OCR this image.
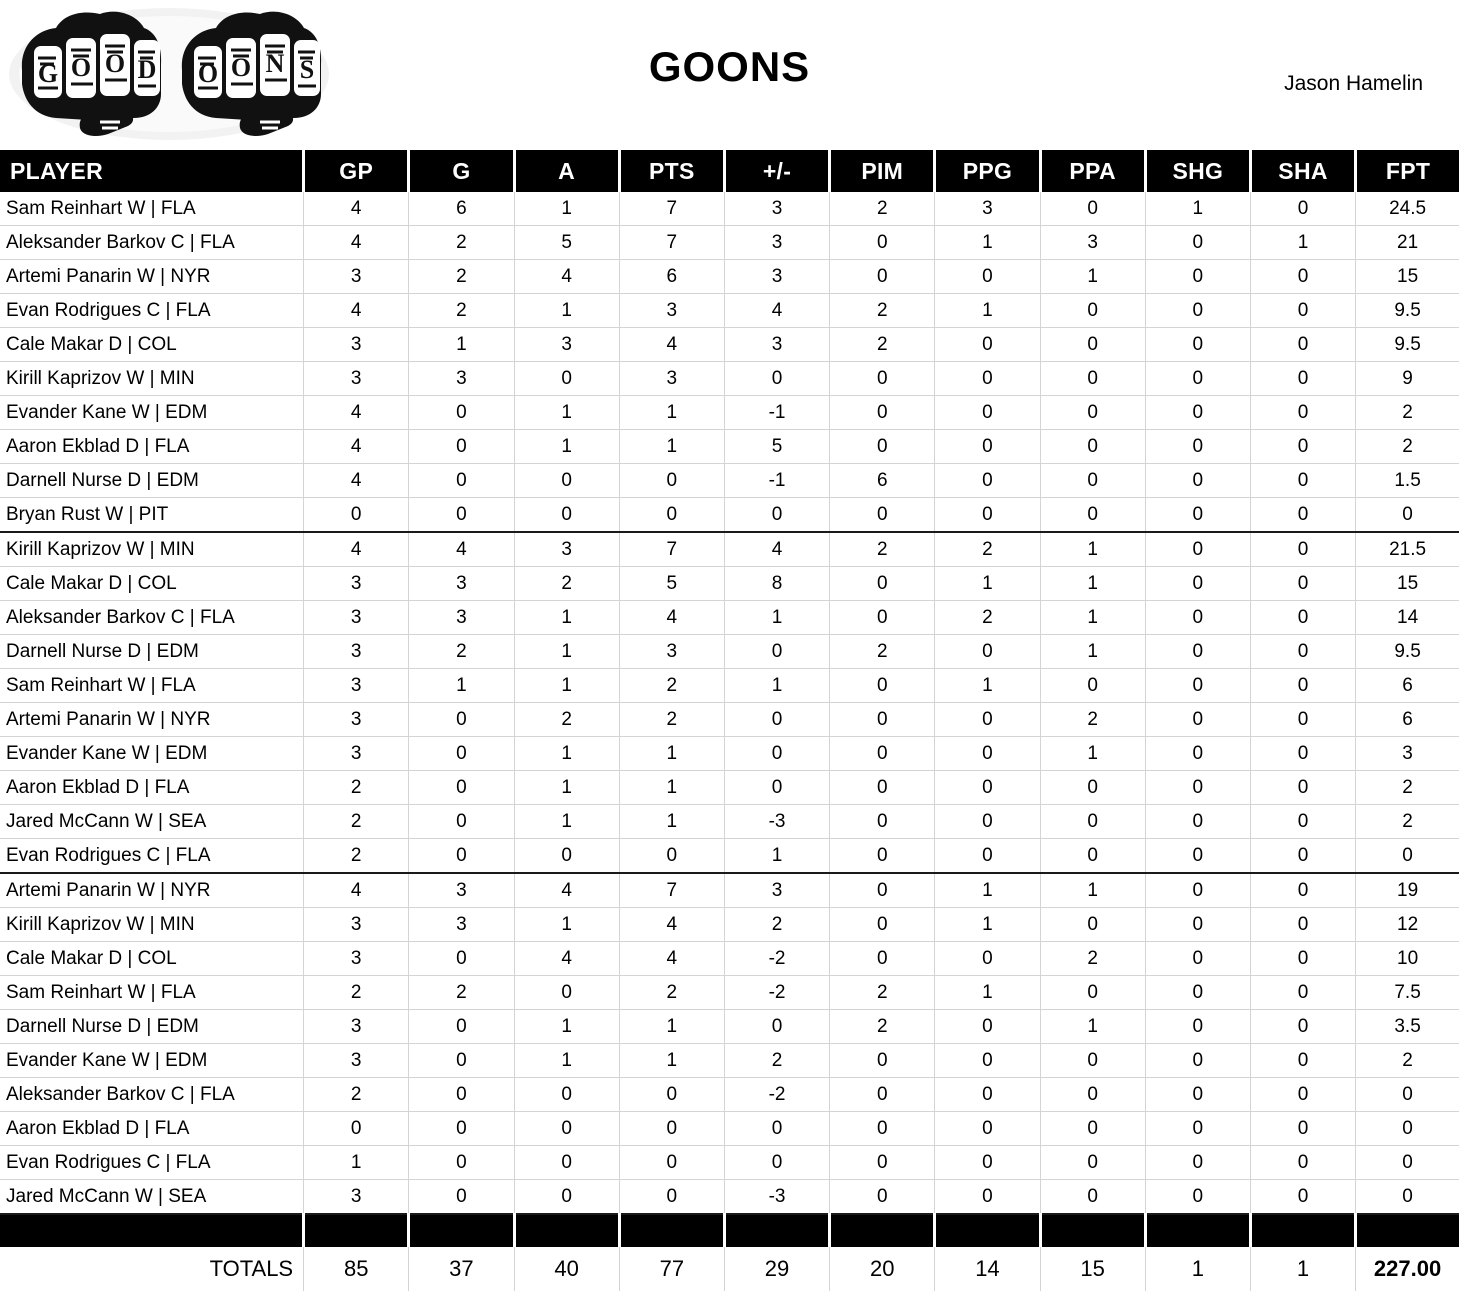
G O O D O O N S	GOONS	Jason Hamelin
PLAYER	GP	G	A	PTS	+/-	PIM	PPG	PPA	SHG	SHA	FPT
Sam Reinhart W | FLA	4	6	1	7	3	2	3	0	1	0	24.5
Aleksander Barkov C | FLA	4	2	5	7	3	0	1	3	0	1	21
Artemi Panarin W | NYR	3	2	4	6	3	0	0	1	0	0	15
Evan Rodrigues C | FLA	4	2	1	3	4	2	1	0	0	0	9.5
Cale Makar D | COL	3	1	3	4	3	2	0	0	0	0	9.5
Kirill Kaprizov W | MIN	3	3	0	3	0	0	0	0	0	0	9
Evander Kane W | EDM	4	0	1	1	-1	0	0	0	0	0	2
Aaron Ekblad D | FLA	4	0	1	1	5	0	0	0	0	0	2
Darnell Nurse D | EDM	4	0	0	0	-1	6	0	0	0	0	1.5
Bryan Rust W | PIT	0	0	0	0	0	0	0	0	0	0	0
Kirill Kaprizov W | MIN	4	4	3	7	4	2	2	1	0	0	21.5
Cale Makar D | COL	3	3	2	5	8	0	1	1	0	0	15
Aleksander Barkov C | FLA	3	3	1	4	1	0	2	1	0	0	14
Darnell Nurse D | EDM	3	2	1	3	0	2	0	1	0	0	9.5
Sam Reinhart W | FLA	3	1	1	2	1	0	1	0	0	0	6
Artemi Panarin W | NYR	3	0	2	2	0	0	0	2	0	0	6
Evander Kane W | EDM	3	0	1	1	0	0	0	1	0	0	3
Aaron Ekblad D | FLA	2	0	1	1	0	0	0	0	0	0	2
Jared McCann W | SEA	2	0	1	1	-3	0	0	0	0	0	2
Evan Rodrigues C | FLA	2	0	0	0	1	0	0	0	0	0	0
Artemi Panarin W | NYR	4	3	4	7	3	0	1	1	0	0	19
Kirill Kaprizov W | MIN	3	3	1	4	2	0	1	0	0	0	12
Cale Makar D | COL	3	0	4	4	-2	0	0	2	0	0	10
Sam Reinhart W | FLA	2	2	0	2	-2	2	1	0	0	0	7.5
Darnell Nurse D | EDM	3	0	1	1	0	2	0	1	0	0	3.5
Evander Kane W | EDM	3	0	1	1	2	0	0	0	0	0	2
Aleksander Barkov C | FLA	2	0	0	0	-2	0	0	0	0	0	0
Aaron Ekblad D | FLA	0	0	0	0	0	0	0	0	0	0	0
Evan Rodrigues C | FLA	1	0	0	0	0	0	0	0	0	0	0
Jared McCann W | SEA	3	0	0	0	-3	0	0	0	0	0	0

TOTALS	85	37	40	77	29	20	14	15	1	1	227.00
